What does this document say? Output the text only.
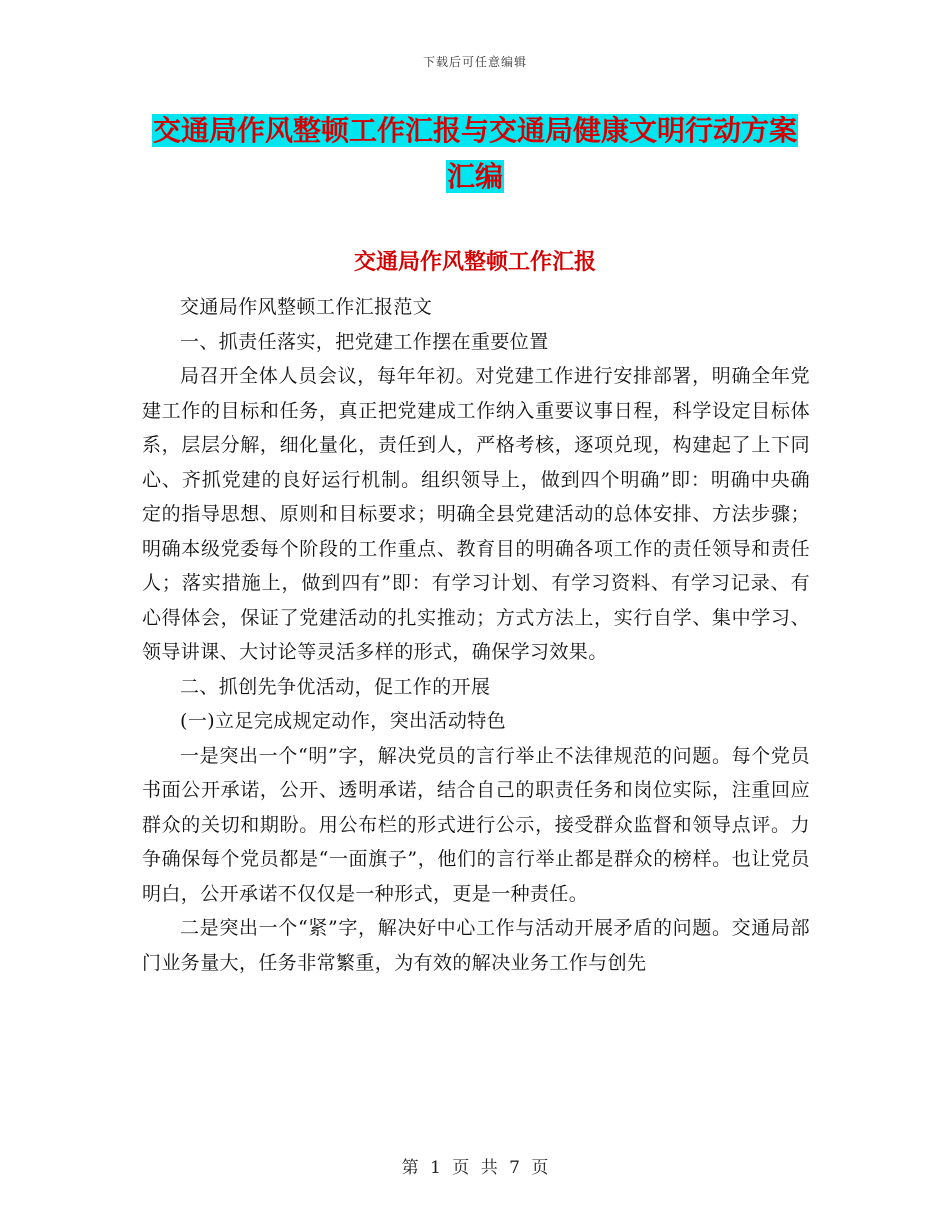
下载后可任意编辑
交通局作风整顿工作汇报与交通局健康文明行动方案
汇编
交通局作风整顿工作汇报

交通局作风整顿工作汇报范文

一、抓责任落实，把党建工作摆在重要位置

局召开全体人员会议，每年年初。对党建工作进行安排部署，明确全年党建工作的目标和任务，真正把党建成工作纳入重要议事日程，科学设定目标体系，层层分解，细化量化，责任到人，严格考核，逐项兑现，构建起了上下同心、齐抓党建的良好运行机制。组织领导上，做到四个明确”即：明确中央确定的指导思想、原则和目标要求；明确全县党建活动的总体安排、方法步骤；明确本级党委每个阶段的工作重点、教育目的明确各项工作的责任领导和责任人；落实措施上，做到四有”即：有学习计划、有学习资料、有学习记录、有心得体会，保证了党建活动的扎实推动；方式方法上，实行自学、集中学习、领导讲课、大讨论等灵活多样的形式，确保学习效果。

二、抓创先争优活动，促工作的开展

(一)立足完成规定动作，突出活动特色

一是突出一个“明”字，解决党员的言行举止不法律规范的问题。每个党员书面公开承诺，公开、透明承诺，结合自己的职责任务和岗位实际，注重回应群众的关切和期盼。用公布栏的形式进行公示，接受群众监督和领导点评。力争确保每个党员都是“一面旗子”，他们的言行举止都是群众的榜样。也让党员明白，公开承诺不仅仅是一种形式，更是一种责任。

二是突出一个“紧”字，解决好中心工作与活动开展矛盾的问题。交通局部门业务量大，任务非常繁重，为有效的解决业务工作与创先

第 1 页 共 7 页
